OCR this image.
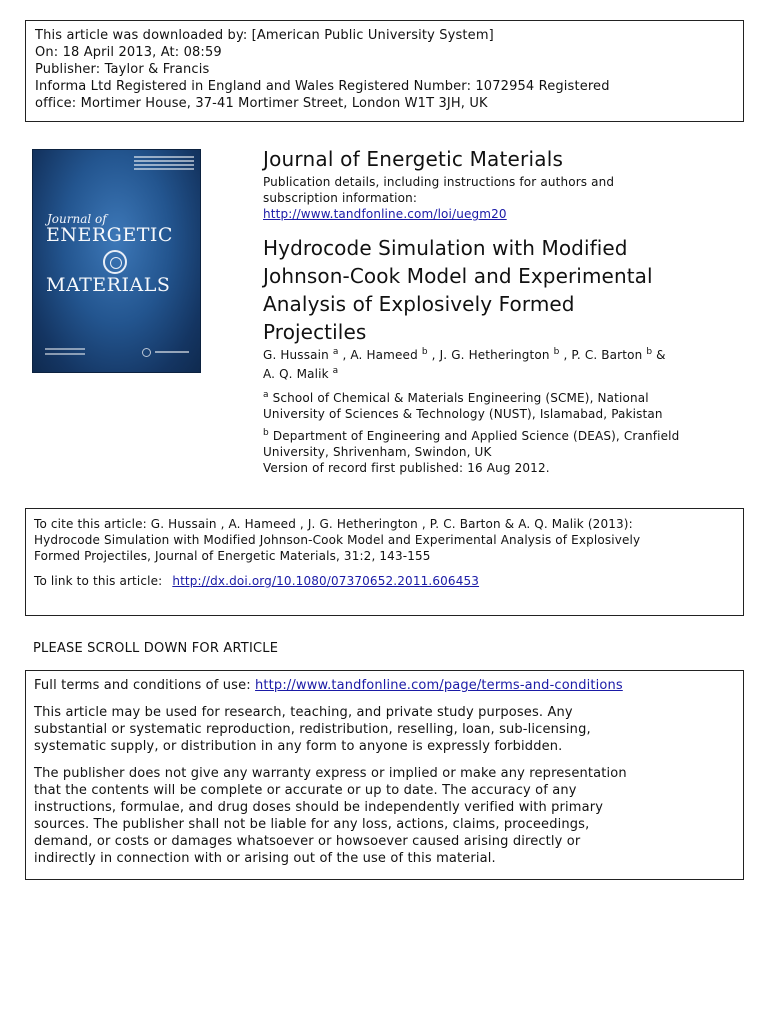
This article was downloaded by: [American Public University System]
On: 18 April 2013, At: 08:59
Publisher: Taylor & Francis
Informa Ltd Registered in England and Wales Registered Number: 1072954 Registered
office: Mortimer House, 37-41 Mortimer Street, London W1T 3JH, UK
Journal of
ENERGETIC
MATERIALS
Journal of Energetic Materials
Publication details, including instructions for authors and
subscription information:
http://www.tandfonline.com/loi/uegm20
Hydrocode Simulation with Modified
Johnson-Cook Model and Experimental
Analysis of Explosively Formed
Projectiles
G. Hussain $^a$ , A. Hameed $^b$ , J. G. Hetherington $^b$ , P. C. Barton $^b$ &
A. Q. Malik $^a$
$^a$ School of Chemical & Materials Engineering (SCME), National
University of Sciences & Technology (NUST), Islamabad, Pakistan
$^b$ Department of Engineering and Applied Science (DEAS), Cranfield
University, Shrivenham, Swindon, UK
Version of record first published: 16 Aug 2012.
To cite this article: G. Hussain , A. Hameed , J. G. Hetherington , P. C. Barton & A. Q. Malik (2013):
Hydrocode Simulation with Modified Johnson-Cook Model and Experimental Analysis of Explosively
Formed Projectiles, Journal of Energetic Materials, 31:2, 143-155
To link to this article: http://dx.doi.org/10.1080/07370652.2011.606453
PLEASE SCROLL DOWN FOR ARTICLE
Full terms and conditions of use: http://www.tandfonline.com/page/terms-and-conditions
This article may be used for research, teaching, and private study purposes. Any
substantial or systematic reproduction, redistribution, reselling, loan, sub-licensing,
systematic supply, or distribution in any form to anyone is expressly forbidden.
The publisher does not give any warranty express or implied or make any representation
that the contents will be complete or accurate or up to date. The accuracy of any
instructions, formulae, and drug doses should be independently verified with primary
sources. The publisher shall not be liable for any loss, actions, claims, proceedings,
demand, or costs or damages whatsoever or howsoever caused arising directly or
indirectly in connection with or arising out of the use of this material.
